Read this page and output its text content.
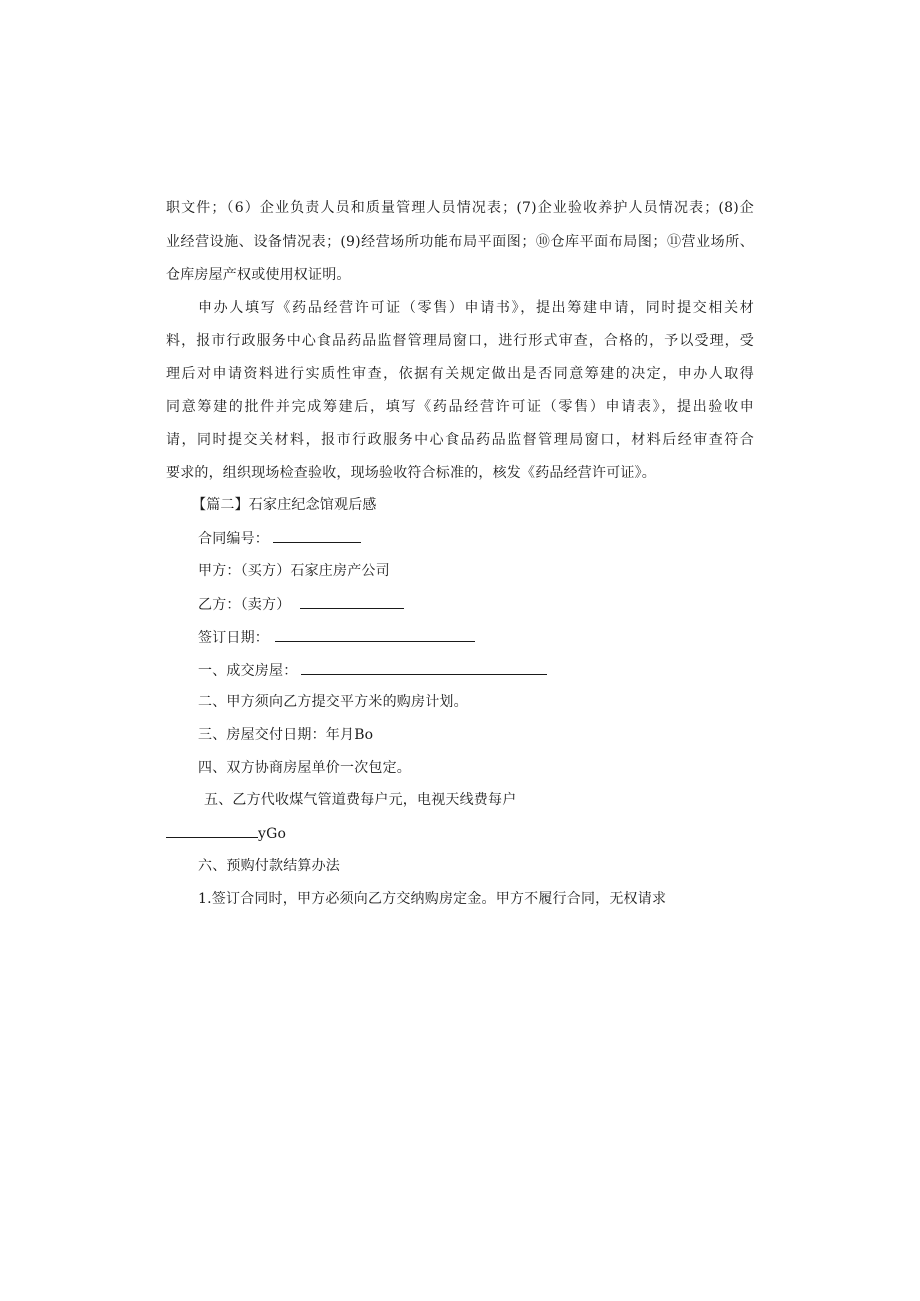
职文件；（6）企业负责人员和质量管理人员情况表；(7)企业验收养护人员情况表；(8)企
业经营设施、设备情况表；(9)经营场所功能布局平面图；⑩仓库平面布局图；⑪营业场所、
仓库房屋产权或使用权证明。
申办人填写《药品经营许可证（零售）申请书》，提出筹建申请，同时提交相关材
料，报市行政服务中心食品药品监督管理局窗口，进行形式审查，合格的，予以受理，受
理后对申请资料进行实质性审查，依据有关规定做出是否同意筹建的决定，申办人取得
同意筹建的批件并完成筹建后，填写《药品经营许可证（零售）申请表》，提出验收申
请，同时提交关材料，报市行政服务中心食品药品监督管理局窗口，材料后经审查符合
要求的，组织现场检查验收，现场验收符合标准的，核发《药品经营许可证》。
【篇二】石家庄纪念馆观后感
合同编号：
甲方：（买方）石家庄房产公司
乙方：（卖方）
签订日期：
一、成交房屋：
二、甲方须向乙方提交平方米的购房计划。
三、房屋交付日期：年月Bo
四、双方协商房屋单价一次包定。
五、乙方代收煤气管道费每户元，电视天线费每户
yGo
六、预购付款结算办法
1.签订合同时，甲方必须向乙方交纳购房定金。甲方不履行合同，无权请求
